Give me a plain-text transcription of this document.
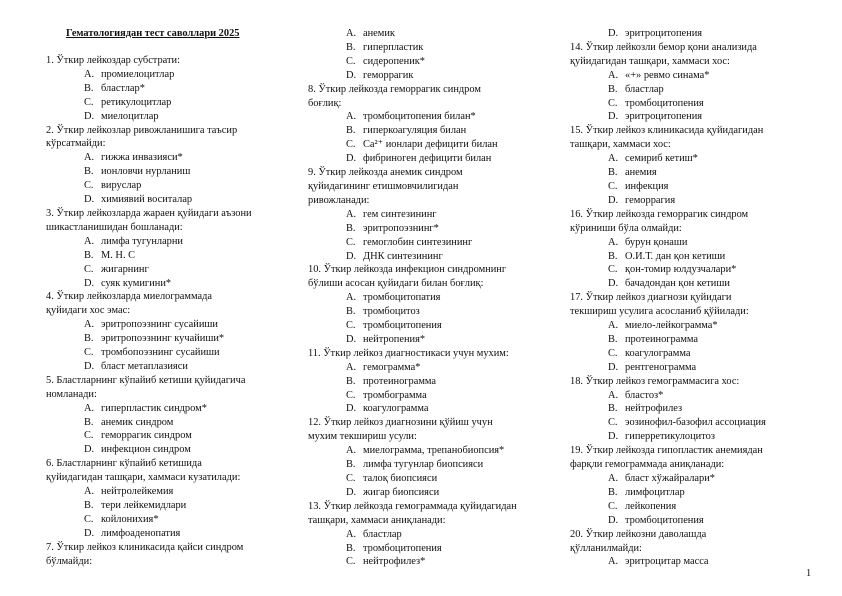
Гематологиядан тест саволлари 2025
1. Ўткир лейкоздар субстрати:
A. промиелоцитлар
B. бластлар*
C. ретикулоцитлар
D. миелоцитлар
2. Ўткир лейкозлар ривожланишига таъсир
кўрсатмайди:
A. гижжа инвазияси*
B. ионловчи нурланиш
C. вируслар
D. химиявий воситалар
3. Ўткир лейкозларда жараен қуйидаги аъзони
шикастланишидан бошланади:
A. лимфа тугунларни
B. М. Н. С
C. жигарнинг
D. суяк кумигини*
4. Ўткир лейкозларда миелограммада
қуйидаги хос эмас:
A. эритропоэзнинг сусайиши
B. эритропоэзнинг кучайиши*
C. тромбопоэзнинг сусайиши
D. бласт метаплазияси
5. Бластларнинг кўпайиб кетиши қуйидагича
номланади:
A. гиперпластик синдром*
B. анемик синдром
C. геморрагик синдром
D. инфекцион синдром
6. Бластларнинг кўпайиб кетишида
қуйидагидан ташқари, хаммаси кузатилади:
A. нейтролейкемия
B. тери лейкемидлари
C. койлонихия*
D. лимфоаденопатия
7. Ўткир лейкоз клиникасида қайси синдром
бўлмайди:
A. анемик
B. гиперпластик
C. сидеропеник*
D. геморрагик
8. Ўткир лейкозда геморрагик синдром
боғлиқ:
A. тромбоцитопения билан*
B. гиперкоагуляция билан
C. Са²⁺ ионлари дефицити билан
D. фибриноген дефицити билан
9. Ўткир лейкозда анемик синдром
қуйидагининг етишмовчилигидан
ривожланади:
A. гем синтезининг
B. эритропоэзнинг*
C. гемоглобин синтезининг
D. ДНК синтезининг
10. Ўткир лейкозда инфекцион синдромнинг
бўлиши асосан қуйидаги билан боғлиқ:
A. тромбоцитопатия
B. тромбоцитоз
C. тромбоцитопения
D. нейтропения*
11. Ўткир лейкоз диагностикаси учун мухим:
A. гемограмма*
B. протеинограмма
C. тромбограмма
D. коагулограмма
12. Ўткир лейкоз диагнозини қўйиш учун
мухим текшириш усули:
A. миелограмма, трепанобиопсия*
B. лимфа тугунлар биопсияси
C. талоқ биопсияси
D. жигар биопсияси
13. Ўткир лейкозда гемограммада қуйидагидан
ташқари, хаммаси аниқланади:
A. бластлар
B. тромбоцитопения
C. нейтрофилез*
D. эритроцитопения
14. Ўткир лейкозли бемор қони анализида
қуйидагидан ташқари, хаммаси хос:
A. «+» ревмо синама*
B. бластлар
C. тромбоцитопения
D. эритроцитопения
15. Ўткир лейкоз клиникасида қуйидагидан
ташқари, хаммаси хос:
A. семириб кетиш*
B. анемия
C. инфекция
D. геморрагия
16. Ўткир лейкозда геморрагик синдром
кўриниши бўла олмайди:
A. бурун қонаши
B. О.И.Т. дан қон кетиши
C. қон-томир юлдузчалари*
D. бачадондан қон кетиши
17. Ўткир лейкоз диагнози қуйидаги
текшириш усулига асосланиб қўйилади:
A. миело-лейкограмма*
B. протеинограмма
C. коагулограмма
D. рентгенограмма
18. Ўткир лейкоз гемограммасига хос:
A. бластоз*
B. нейтрофилез
C. эозинофил-базофил ассоциация
D. гиперретикулоцитоз
19. Ўткир лейкозда гипопластик анемиядан
фарқли гемограммада аниқланади:
A. бласт хўжайралари*
B. лимфоцитлар
C. лейкопения
D. тромбоцитопения
20. Ўткир лейкозни даволашда
қўлланилмайди:
A. эритроцитар масса
1
